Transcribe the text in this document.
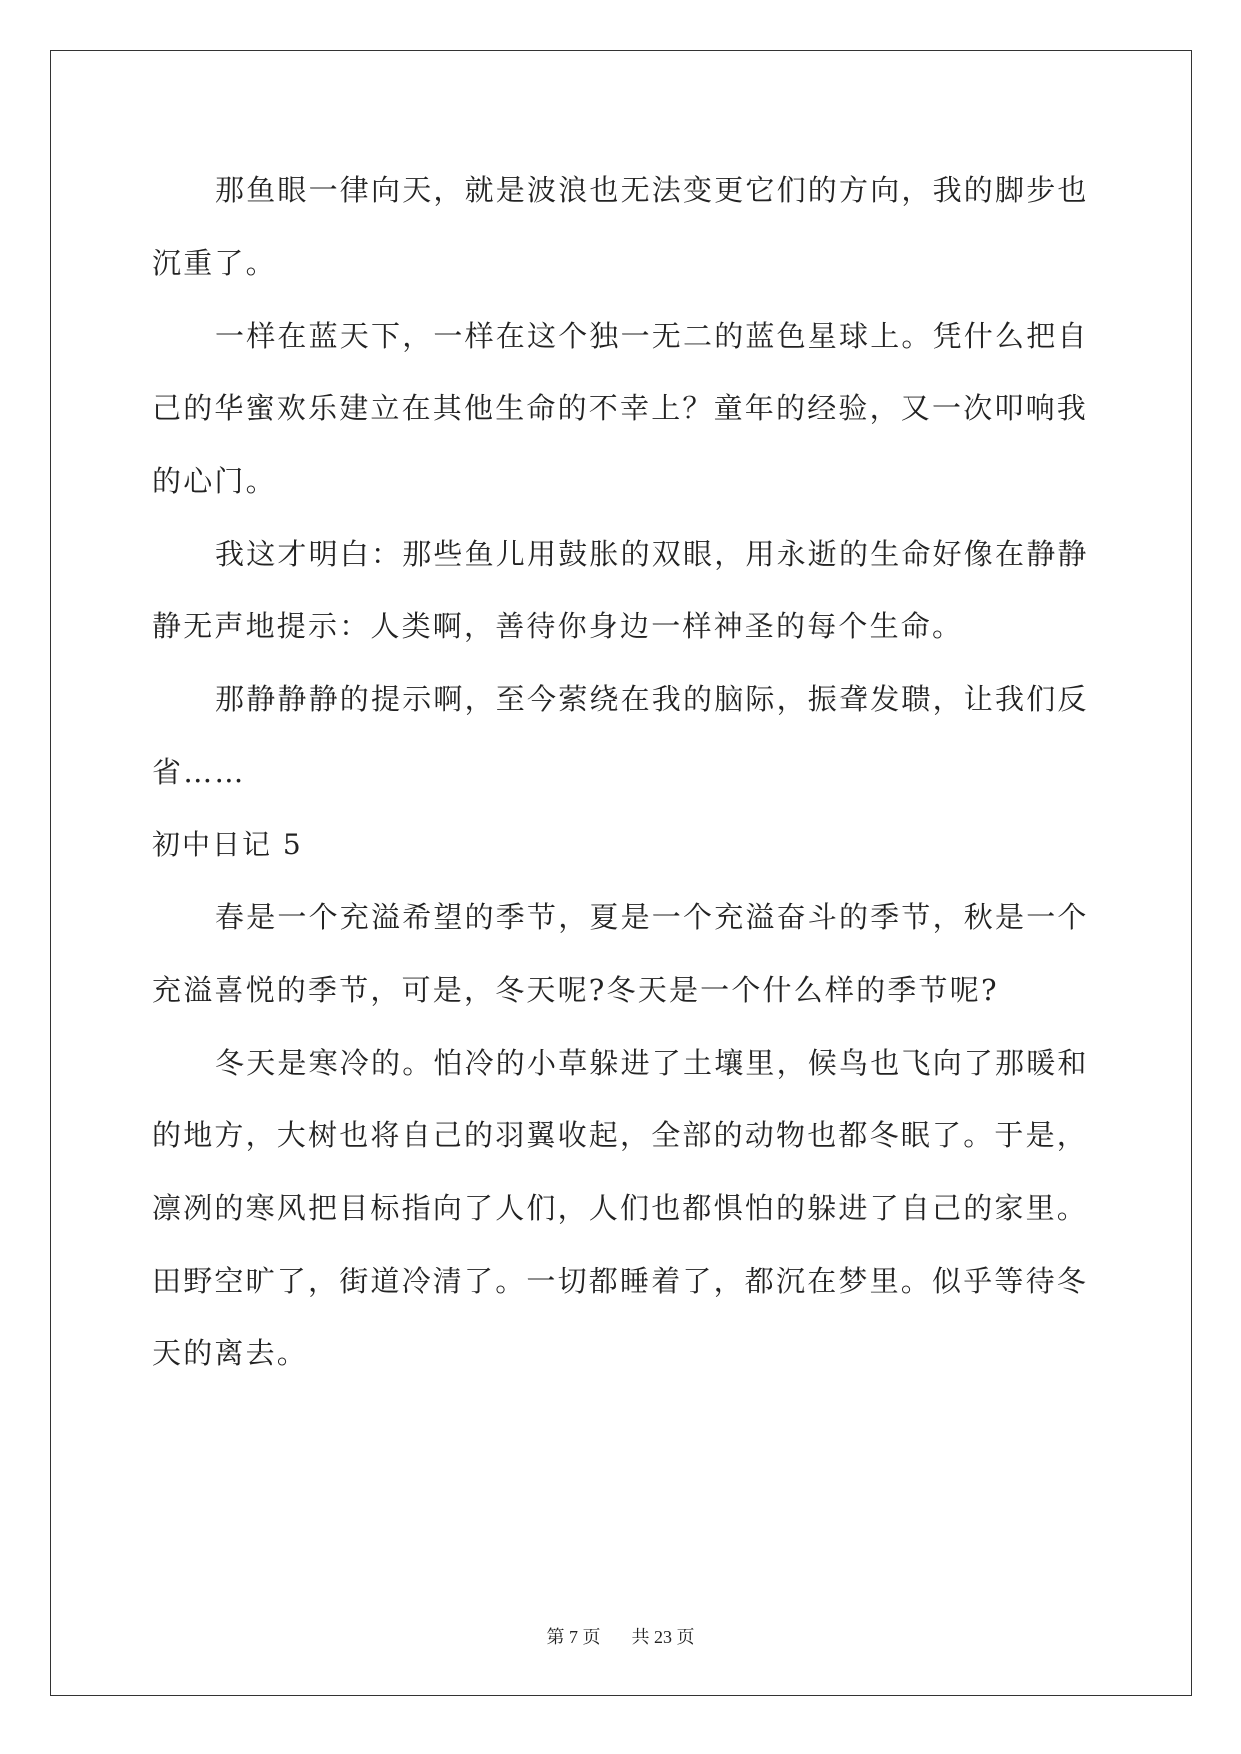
那鱼眼一律向天，就是波浪也无法变更它们的方向，我的脚步也
沉重了。
一样在蓝天下，一样在这个独一无二的蓝色星球上。凭什么把自
己的华蜜欢乐建立在其他生命的不幸上？童年的经验，又一次叩响我
的心门。
我这才明白：那些鱼儿用鼓胀的双眼，用永逝的生命好像在静静
静无声地提示：人类啊，善待你身边一样神圣的每个生命。
那静静静的提示啊，至今萦绕在我的脑际，振聋发聩，让我们反
省……
初中日记 5
春是一个充溢希望的季节，夏是一个充溢奋斗的季节，秋是一个
充溢喜悦的季节，可是，冬天呢?冬天是一个什么样的季节呢?
冬天是寒冷的。怕冷的小草躲进了土壤里，候鸟也飞向了那暖和
的地方，大树也将自己的羽翼收起，全部的动物也都冬眠了。于是，
凛冽的寒风把目标指向了人们，人们也都惧怕的躲进了自己的家里。
田野空旷了，街道冷清了。一切都睡着了，都沉在梦里。似乎等待冬
天的离去。
第 7 页 共 23 页
